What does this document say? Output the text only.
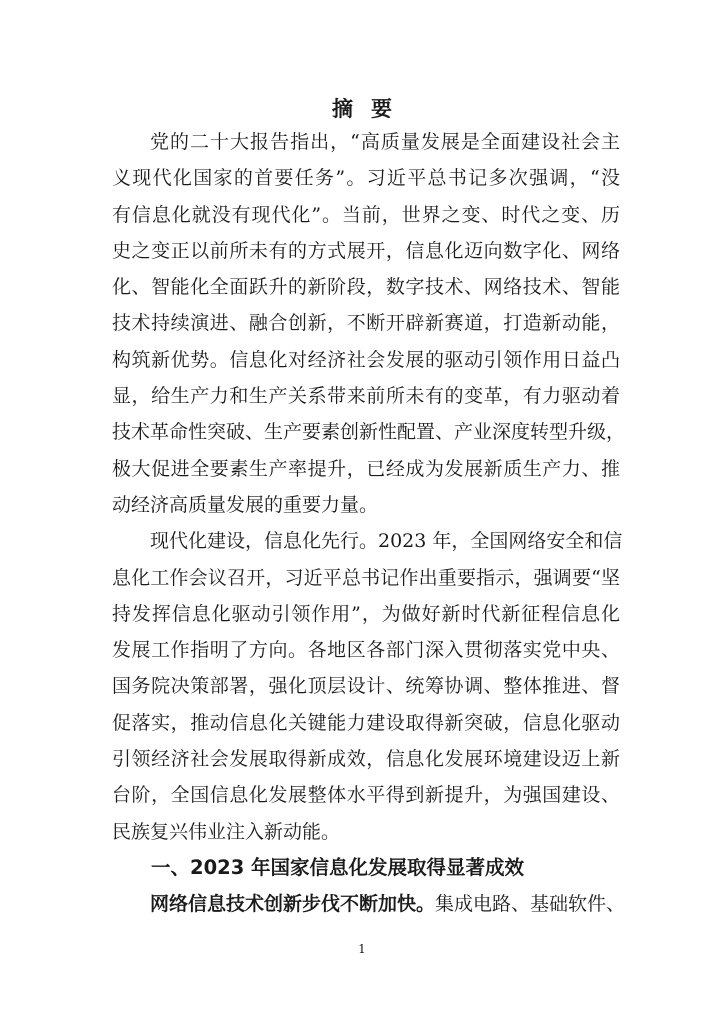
摘 要
党的二十大报告指出，“高质量发展是全面建设社会主
义现代化国家的首要任务”。习近平总书记多次强调，“没
有信息化就没有现代化”。当前，世界之变、时代之变、历
史之变正以前所未有的方式展开，信息化迈向数字化、网络
化、智能化全面跃升的新阶段，数字技术、网络技术、智能
技术持续演进、融合创新，不断开辟新赛道，打造新动能，
构筑新优势。信息化对经济社会发展的驱动引领作用日益凸
显，给生产力和生产关系带来前所未有的变革，有力驱动着
技术革命性突破、生产要素创新性配置、产业深度转型升级，
极大促进全要素生产率提升，已经成为发展新质生产力、推
动经济高质量发展的重要力量。
现代化建设，信息化先行。2023 年，全国网络安全和信
息化工作会议召开，习近平总书记作出重要指示，强调要“坚
持发挥信息化驱动引领作用”，为做好新时代新征程信息化
发展工作指明了方向。各地区各部门深入贯彻落实党中央、
国务院决策部署，强化顶层设计、统筹协调、整体推进、督
促落实，推动信息化关键能力建设取得新突破，信息化驱动
引领经济社会发展取得新成效，信息化发展环境建设迈上新
台阶，全国信息化发展整体水平得到新提升，为强国建设、
民族复兴伟业注入新动能。
一、2023 年国家信息化发展取得显著成效
网络信息技术创新步伐不断加快。集成电路、基础软件、
1
